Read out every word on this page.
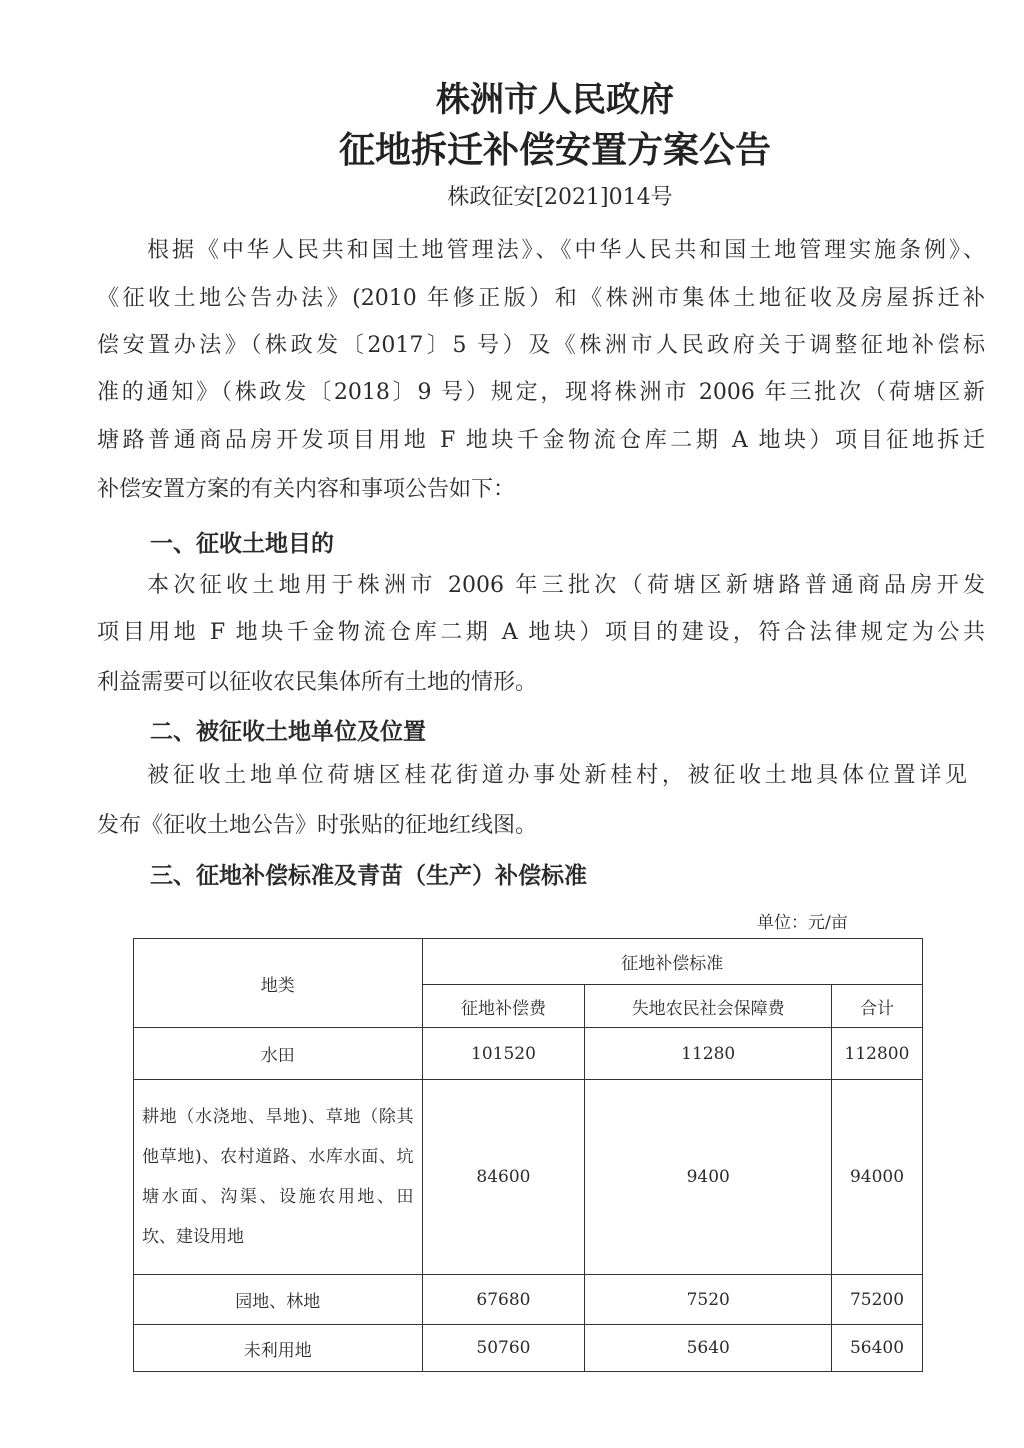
株洲市人民政府
征地拆迁补偿安置方案公告
株政征安[2021]014号
根据《中华人民共和国土地管理法》、《中华人民共和国土地管理实施条例》、
《征收土地公告办法》(2010 年修正版）和《株洲市集体土地征收及房屋拆迁补
偿安置办法》（株政发〔2017〕5 号）及《株洲市人民政府关于调整征地补偿标
准的通知》（株政发〔2018〕9 号）规定，现将株洲市 2006 年三批次（荷塘区新
塘路普通商品房开发项目用地 F 地块千金物流仓库二期 A 地块）项目征地拆迁
补偿安置方案的有关内容和事项公告如下：
一、征收土地目的
本次征收土地用于株洲市 2006 年三批次（荷塘区新塘路普通商品房开发
项目用地 F 地块千金物流仓库二期 A 地块）项目的建设，符合法律规定为公共
利益需要可以征收农民集体所有土地的情形。
二、被征收土地单位及位置
被征收土地单位荷塘区桂花街道办事处新桂村，被征收土地具体位置详见
发布《征收土地公告》时张贴的征地红线图。
三、征地补偿标准及青苗（生产）补偿标准
单位：元/亩
地类	征地补偿标准		
	征地补偿费	失地农民社会保障费	合计
水田	101520	11280	112800
耕地（水浇地、旱地)、草地（除其他草地)、农村道路、水库水面、坑塘水面、沟渠、设施农用地、田坎、建设用地	84600	9400	94000
园地、林地	67680	7520	75200
未利用地	50760	5640	56400
